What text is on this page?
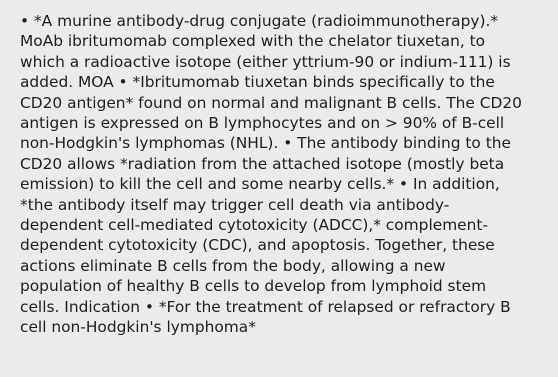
• *A murine antibody-drug conjugate (radioimmunotherapy).*
MoAb ibritumomab complexed with the chelator tiuxetan, to
which a radioactive isotope (either yttrium-90 or indium-111) is
added. MOA • *Ibritumomab tiuxetan binds specifically to the
CD20 antigen* found on normal and malignant B cells. The CD20
antigen is expressed on B lymphocytes and on > 90% of B-cell
non-Hodgkin's lymphomas (NHL). • The antibody binding to the
CD20 allows *radiation from the attached isotope (mostly beta
emission) to kill the cell and some nearby cells.* • In addition,
*the antibody itself may trigger cell death via antibody-
dependent cell-mediated cytotoxicity (ADCC),* complement-
dependent cytotoxicity (CDC), and apoptosis. Together, these
actions eliminate B cells from the body, allowing a new
population of healthy B cells to develop from lymphoid stem
cells. Indication • *For the treatment of relapsed or refractory B
cell non-Hodgkin's lymphoma*
